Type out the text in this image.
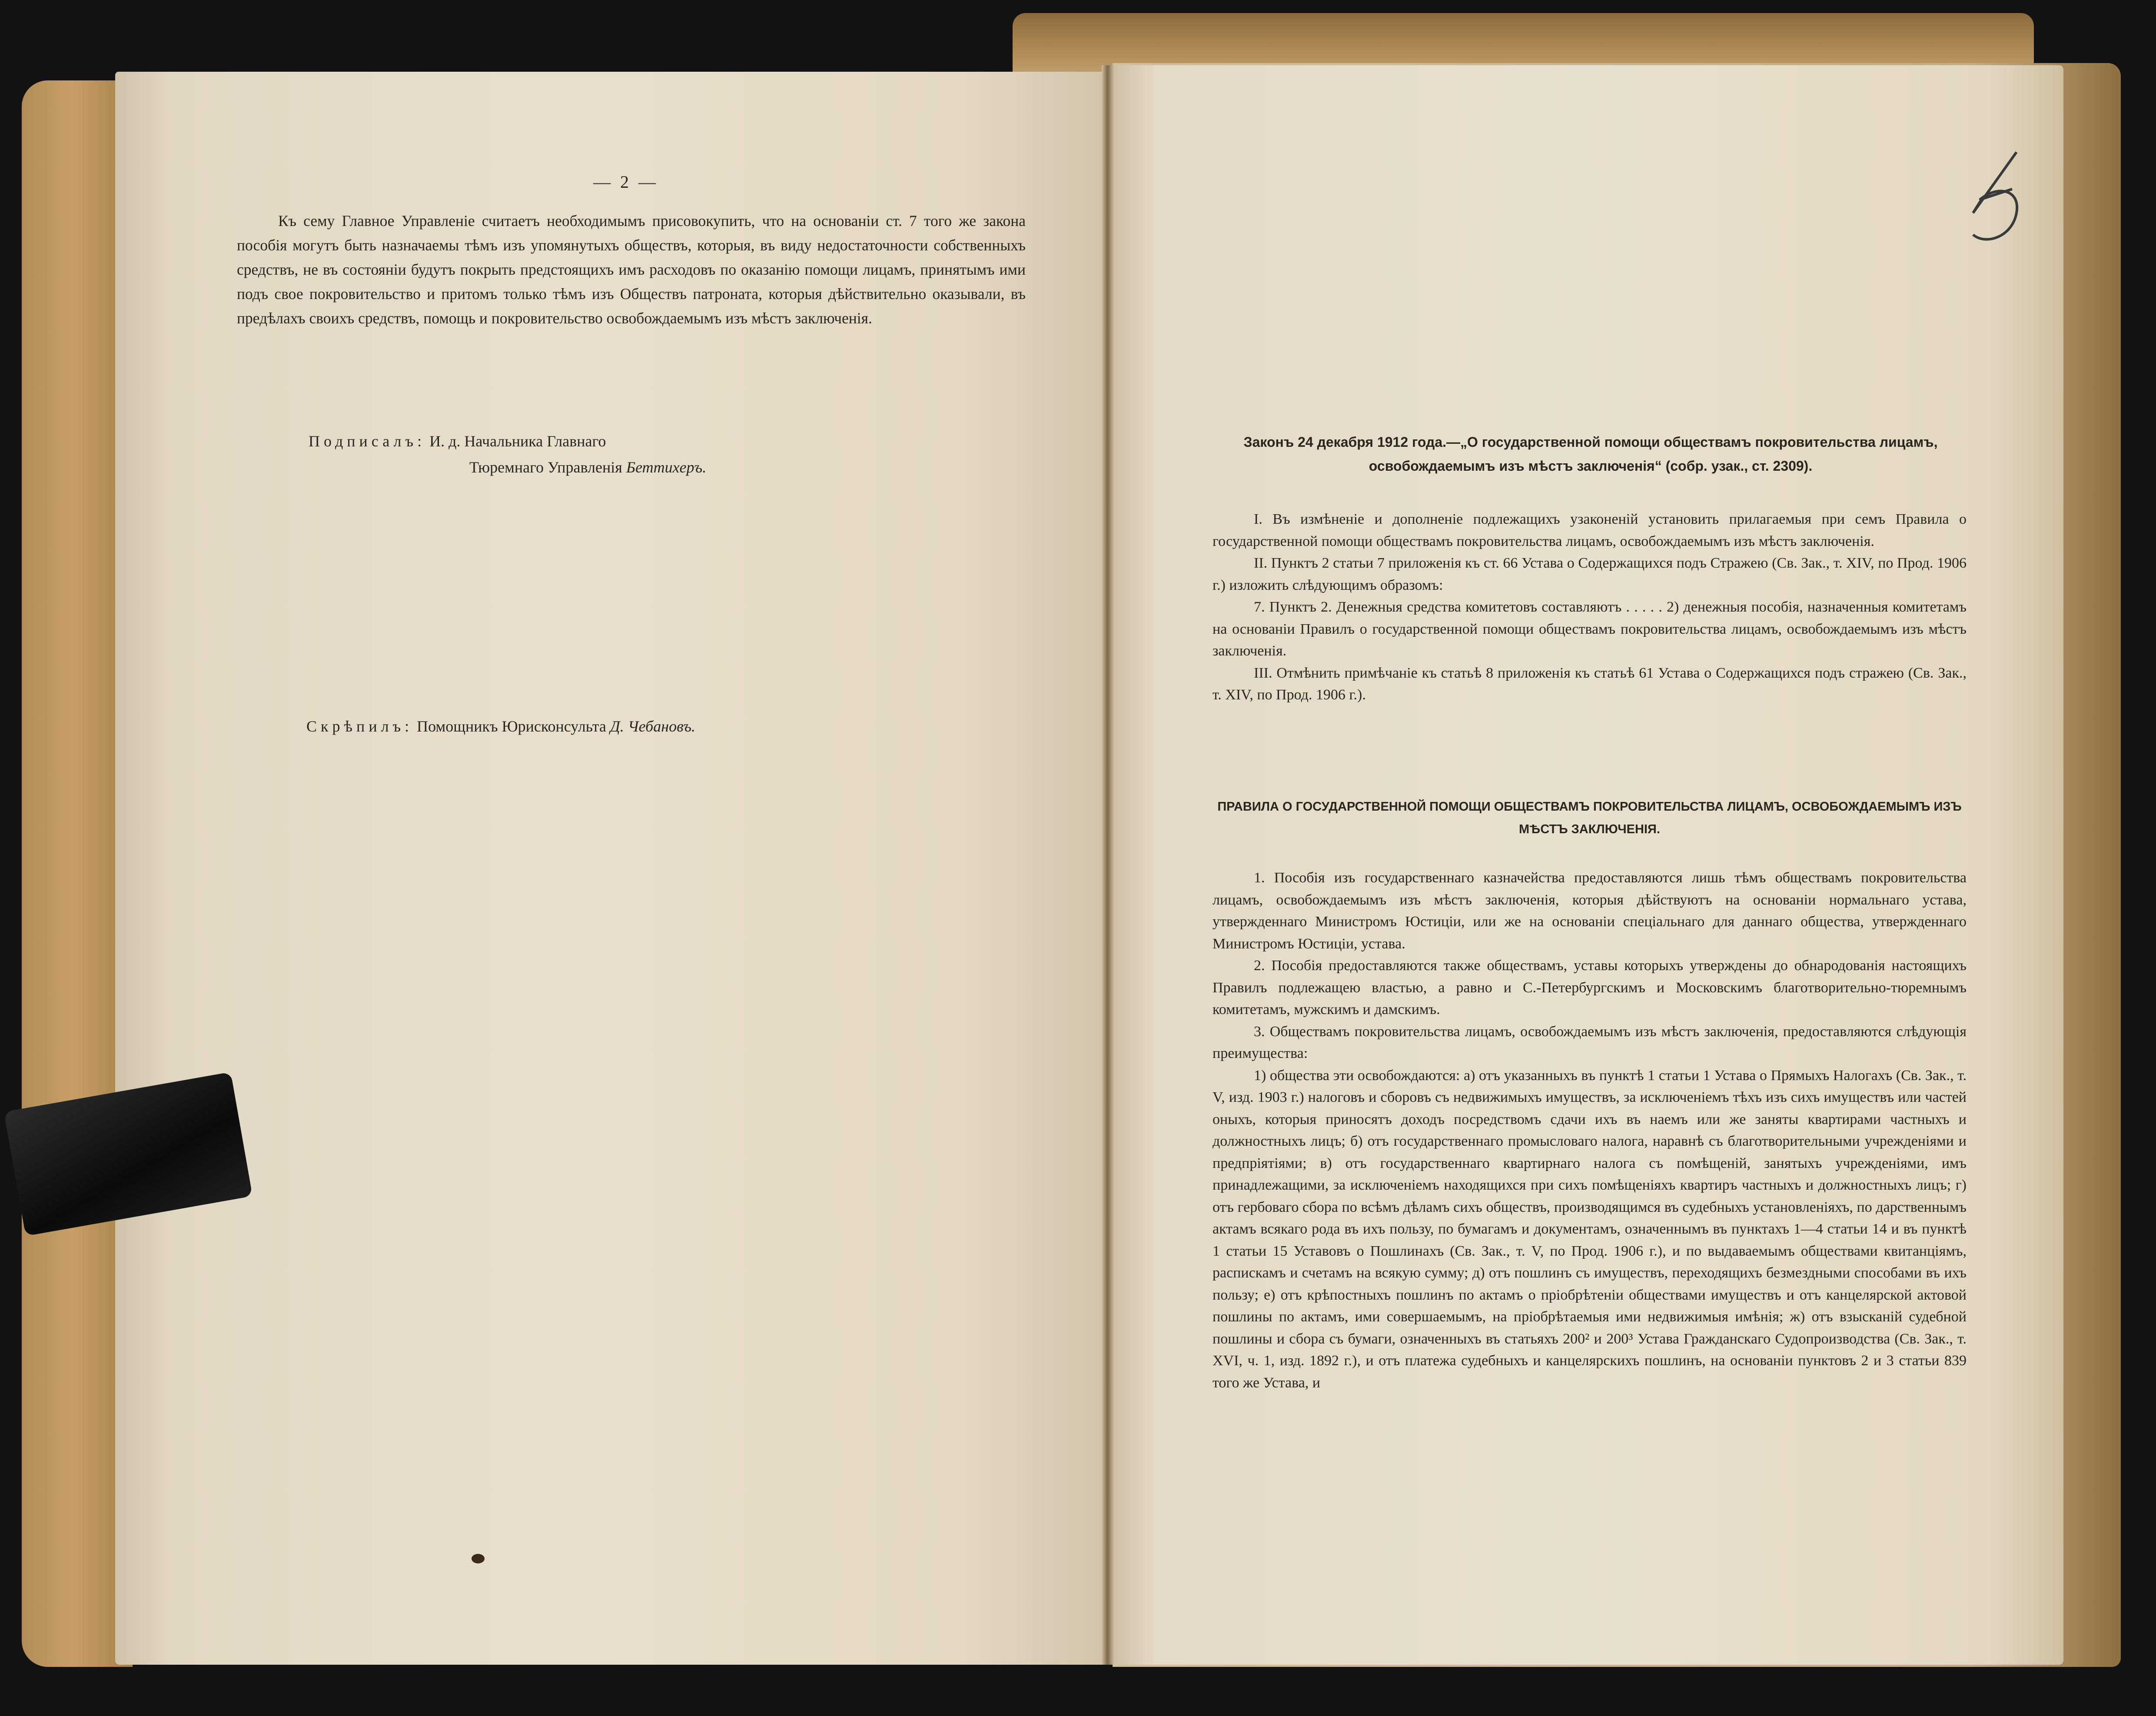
— 2 —
Къ сему Главное Управленіе считаетъ необходимымъ присовокупить, что на основаніи ст. 7 того же закона пособія могутъ быть назначаемы тѣмъ изъ упомянутыхъ обществъ, которыя, въ виду недостаточности собственныхъ средствъ, не въ состояніи будутъ покрыть предстоящихъ имъ расходовъ по оказанію помощи лицамъ, принятымъ ими подъ свое покровительство и притомъ только тѣмъ изъ Обществъ патроната, которыя дѣйствительно оказывали, въ предѣлахъ своихъ средствъ, помощь и покровительство освобождаемымъ изъ мѣстъ заключенія.
Подписалъ: И. д. Начальника Главнаго
Тюремнаго Управленія Беттихеръ.
Скрѣпилъ: Помощникъ Юрисконсульта Д. Чебановъ.
Законъ 24 декабря 1912 года.—„О государственной помощи обществамъ покровительства лицамъ, освобождаемымъ изъ мѣстъ заключенія“ (собр. узак., ст. 2309).

I. Въ измѣненіе и дополненіе подлежащихъ узаконеній установить прилагаемыя при семъ Правила о государственной помощи обществамъ покровительства лицамъ, освобождаемымъ изъ мѣстъ заключенія.

II. Пунктъ 2 статьи 7 приложенія къ ст. 66 Устава о Содержащихся подъ Стражею (Св. Зак., т. XIV, по Прод. 1906 г.) изложить слѣдующимъ образомъ:

7. Пунктъ 2. Денежныя средства комитетовъ составляютъ . . . . . 2) денежныя пособія, назначенныя комитетамъ на основаніи Правилъ о государственной помощи обществамъ покровительства лицамъ, освобождаемымъ изъ мѣстъ заключенія.

III. Отмѣнить примѣчаніе къ статьѣ 8 приложенія къ статьѣ 61 Устава о Содержащихся подъ стражею (Св. Зак., т. XIV, по Прод. 1906 г.).

ПРАВИЛА О ГОСУДАРСТВЕННОЙ ПОМОЩИ ОБЩЕСТВАМЪ ПОКРОВИТЕЛЬСТВА ЛИЦАМЪ, ОСВОБОЖДАЕМЫМЪ ИЗЪ МѢСТЪ ЗАКЛЮЧЕНІЯ.

1. Пособія изъ государственнаго казначейства предоставляются лишь тѣмъ обществамъ покровительства лицамъ, освобождаемымъ изъ мѣстъ заключенія, которыя дѣйствуютъ на основаніи нормальнаго устава, утвержденнаго Министромъ Юстиціи, или же на основаніи спеціальнаго для даннаго общества, утвержденнаго Министромъ Юстиціи, устава.

2. Пособія предоставляются также обществамъ, уставы которыхъ утверждены до обнародованія настоящихъ Правилъ подлежащею властью, а равно и С.-Петербургскимъ и Московскимъ благотворительно-тюремнымъ комитетамъ, мужскимъ и дамскимъ.

3. Обществамъ покровительства лицамъ, освобождаемымъ изъ мѣстъ заключенія, предоставляются слѣдующія преимущества:

1) общества эти освобождаются: а) отъ указанныхъ въ пунктѣ 1 статьи 1 Устава о Прямыхъ Налогахъ (Св. Зак., т. V, изд. 1903 г.) налоговъ и сборовъ съ недвижимыхъ имуществъ, за исключеніемъ тѣхъ изъ сихъ имуществъ или частей оныхъ, которыя приносятъ доходъ посредствомъ сдачи ихъ въ наемъ или же заняты квартирами частныхъ и должностныхъ лицъ; б) отъ государственнаго промысловаго налога, наравнѣ съ благотворительными учрежденіями и предпріятіями; в) отъ государственнаго квартирнаго налога съ помѣщеній, занятыхъ учрежденіями, имъ принадлежащими, за исключеніемъ находящихся при сихъ помѣщеніяхъ квартиръ частныхъ и должностныхъ лицъ; г) отъ гербоваго сбора по всѣмъ дѣламъ сихъ обществъ, производящимся въ судебныхъ установленіяхъ, по дарственнымъ актамъ всякаго рода въ ихъ пользу, по бумагамъ и документамъ, означеннымъ въ пунктахъ 1—4 статьи 14 и въ пунктѣ 1 статьи 15 Уставовъ о Пошлинахъ (Св. Зак., т. V, по Прод. 1906 г.), и по выдаваемымъ обществами квитанціямъ, распискамъ и счетамъ на всякую сумму; д) отъ пошлинъ съ имуществъ, переходящихъ безмездными способами въ ихъ пользу; е) отъ крѣпостныхъ пошлинъ по актамъ о пріобрѣтеніи обществами имуществъ и отъ канцелярской актовой пошлины по актамъ, ими совершаемымъ, на пріобрѣтаемыя ими недвижимыя имѣнія; ж) отъ взысканій судебной пошлины и сбора съ бумаги, означенныхъ въ статьяхъ 200² и 200³ Устава Гражданскаго Судопроизводства (Св. Зак., т. XVI, ч. 1, изд. 1892 г.), и отъ платежа судебныхъ и канцелярскихъ пошлинъ, на основаніи пунктовъ 2 и 3 статьи 839 того же Устава, и
